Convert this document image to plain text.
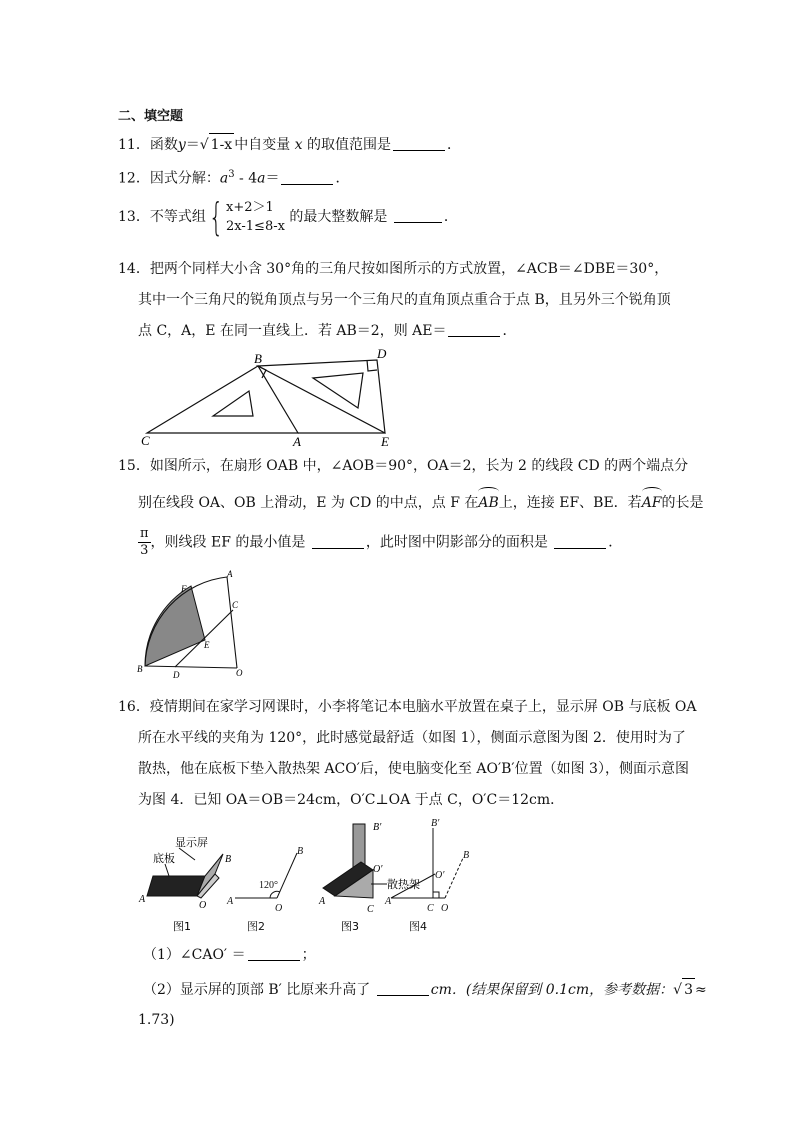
二、填空题
11．函数y＝√ 1-x 中自变量 x 的取值范围是	．
12．因式分解：$a^3 - 4a=$	．
13．不等式组 { x+2＞1
2x-1≤8-x
的最大整数解是	．
14．把两个同样大小含 30°角的三角尺按如图所示的方式放置，∠ACB＝∠DBE＝30°，
其中一个三角尺的锐角顶点与另一个三角尺的直角顶点重合于点 B，且另外三个锐角顶
点 C，A，E 在同一直线上．若 AB＝2，则 AE＝	．
B	D
C	A	E
15．如图所示，在扇形 OAB 中，∠AOB＝90°，OA＝2，长为 2 的线段 CD 的两个端点分
别在线段 OA、OB 上滑动，E 为 CD 的中点，点 F 在AB上，连接 EF、BE．若AF的长是
$\frac{\pi}{3}$ ，则线段 EF 的最小值是	，此时图中阴影部分的面积是	．
A
F
C
E
B
D	O
16．疫情期间在家学习网课时，小李将笔记本电脑水平放置在桌子上，显示屏 OB 与底板 OA
所在水平线的夹角为 120°，此时感觉最舒适（如图 1），侧面示意图为图 2．使用时为了
散热，他在底板下垫入散热架 ACO′后，使电脑变化至 AO′B′位置（如图 3），侧面示意图
为图 4．已知 OA＝OB＝24cm，O′C⊥OA 于点 C，O′C＝12cm．
显示屏
底板
A
O
B
图1
120°
A
O
B
图2
B′
O′
散热架
A
C
图3
B′
B
O′
A
C O
图4
（1）∠CAO′ ＝	；
（2）显示屏的顶部 B′ 比原来升高了	cm．(结果保留到 0.1cm，参考数据：√ 3 ≈
1.73)
